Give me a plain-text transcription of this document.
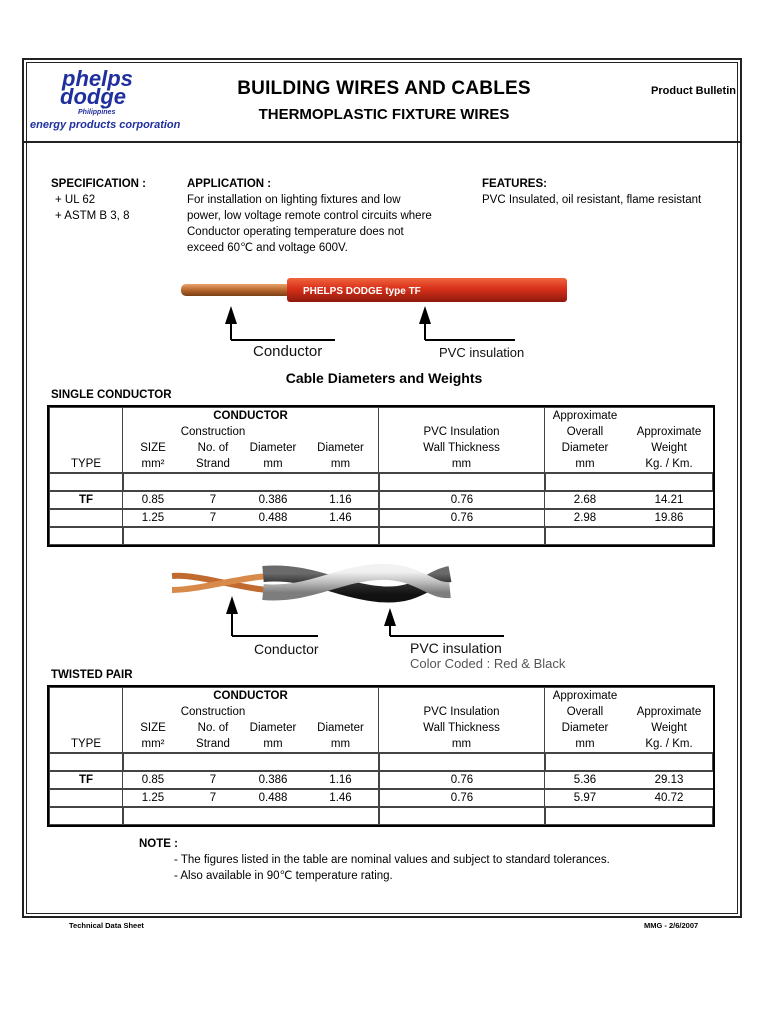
phelps
dodge
Philippines
energy products corporation
BUILDING WIRES AND CABLES
THERMOPLASTIC FIXTURE WIRES
Product Bulletin
SPECIFICATION :
+ UL 62
+ ASTM B 3, 8
APPLICATION :
For installation on lighting fixtures and low
power, low voltage remote control circuits where
Conductor operating temperature does not
exceed 60℃ and voltage 600V.
FEATURES:
PVC Insulated, oil resistant, flame resistant
PHELPS DODGE type TF
Conductor	PVC insulation
Cable Diameters and Weights
SINGLE CONDUCTOR
TYPE	CONDUCTOR					Approximate	
	Construction				PVC Insulation	Overall	Approximate
	SIZE	No. of	Diameter	Diameter	Wall Thickness	Diameter	Weight
	mm²	Strand	mm	mm	mm	mm	Kg. / Km.

TF	0.85	7	0.386	1.16	0.76	2.68	14.21
	1.25	7	0.488	1.46	0.76	2.98	19.86

Conductor	PVC insulation
Color Coded : Red & Black
TWISTED PAIR
TYPE	CONDUCTOR					Approximate	
	Construction				PVC Insulation	Overall	Approximate
	SIZE	No. of	Diameter	Diameter	Wall Thickness	Diameter	Weight
	mm²	Strand	mm	mm	mm	mm	Kg. / Km.

TF	0.85	7	0.386	1.16	0.76	5.36	29.13
	1.25	7	0.488	1.46	0.76	5.97	40.72

NOTE :
- The figures listed in the table are nominal values and subject to standard tolerances.
- Also available in 90℃ temperature rating.
Technical Data Sheet	MMG - 2/6/2007
